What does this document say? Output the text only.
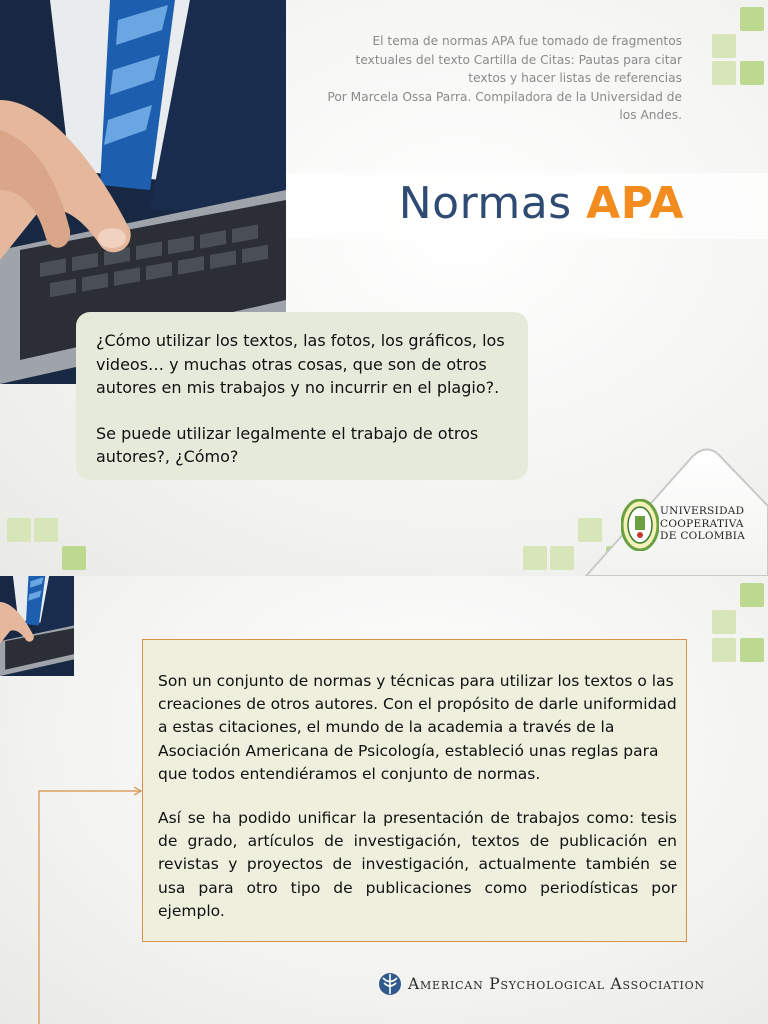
El tema de normas APA fue tomado de fragmentos
textuales del texto Cartilla de Citas: Pautas para citar
textos y hacer listas de referencias
Por Marcela Ossa Parra. Compiladora de la Universidad de
los Andes.
Normas APA

¿Cómo utilizar los textos, las fotos, los gráficos, los videos… y muchas otras cosas, que son de otros autores en mis trabajos y no incurrir en el plagio?.

Se puede utilizar legalmente el trabajo de otros autores?, ¿Cómo?

UNIVERSIDAD
COOPERATIVA
DE COLOMBIA

Son un conjunto de normas y técnicas para utilizar los textos o las creaciones de otros autores. Con el propósito de darle uniformidad a estas citaciones, el mundo de la academia a través de la Asociación Americana de Psicología, estableció unas reglas para que todos entendiéramos el conjunto de normas.

Así se ha podido unificar la presentación de trabajos como: tesis de grado, artículos de investigación, textos de publicación en revistas y proyectos de investigación, actualmente también se usa para otro tipo de publicaciones como periodísticas por ejemplo.

American Psychological Association
